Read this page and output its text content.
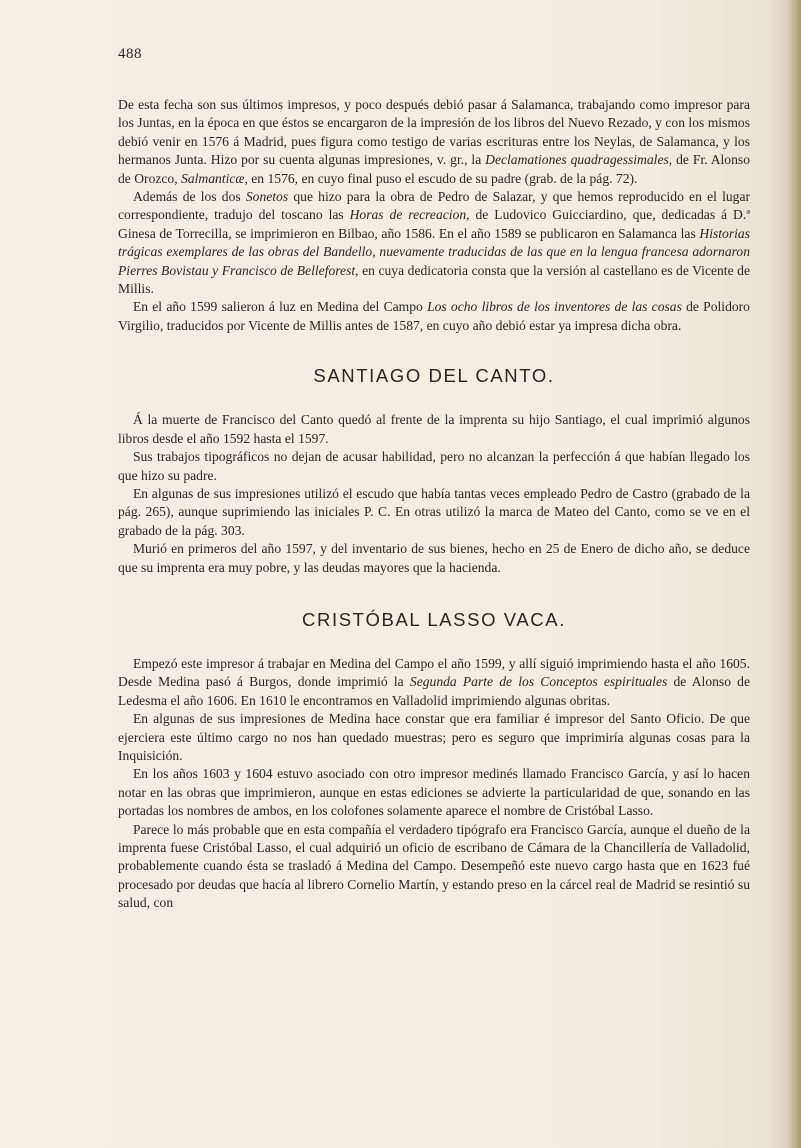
488

De esta fecha son sus últimos impresos, y poco después debió pasar á Salamanca, trabajando como impresor para los Juntas, en la época en que éstos se encargaron de la impresión de los libros del Nuevo Rezado, y con los mismos debió venir en 1576 á Madrid, pues figura como testigo de varias escrituras entre los Neylas, de Salamanca, y los hermanos Junta. Hizo por su cuenta algunas impresiones, v. gr., la Declamationes quadragessimales, de Fr. Alonso de Orozco, Salmanticæ, en 1576, en cuyo final puso el escudo de su padre (grab. de la pág. 72).

Además de los dos Sonetos que hizo para la obra de Pedro de Salazar, y que hemos reproducido en el lugar correspondiente, tradujo del toscano las Horas de recreacion, de Ludovico Guicciardino, que, dedicadas á D.ª Ginesa de Torrecilla, se imprimieron en Bilbao, año 1586. En el año 1589 se publicaron en Salamanca las Historias trágicas exemplares de las obras del Bandello, nuevamente traducidas de las que en la lengua francesa adornaron Pierres Bovistau y Francisco de Belleforest, en cuya dedicatoria consta que la versión al castellano es de Vicente de Millis.

En el año 1599 salieron á luz en Medina del Campo Los ocho libros de los inventores de las cosas de Polidoro Virgilio, traducidos por Vicente de Millis antes de 1587, en cuyo año debió estar ya impresa dicha obra.

SANTIAGO DEL CANTO.

Á la muerte de Francisco del Canto quedó al frente de la imprenta su hijo Santiago, el cual imprimió algunos libros desde el año 1592 hasta el 1597.

Sus trabajos tipográficos no dejan de acusar habilidad, pero no alcanzan la perfección á que habían llegado los que hizo su padre.

En algunas de sus impresiones utilizó el escudo que había tantas veces empleado Pedro de Castro (grabado de la pág. 265), aunque suprimiendo las iniciales P. C. En otras utilizó la marca de Mateo del Canto, como se ve en el grabado de la pág. 303.

Murió en primeros del año 1597, y del inventario de sus bienes, hecho en 25 de Enero de dicho año, se deduce que su imprenta era muy pobre, y las deudas mayores que la hacienda.

CRISTÓBAL LASSO VACA.

Empezó este impresor á trabajar en Medina del Campo el año 1599, y allí siguió imprimiendo hasta el año 1605. Desde Medina pasó á Burgos, donde imprimió la Segunda Parte de los Conceptos espirituales de Alonso de Ledesma el año 1606. En 1610 le encontramos en Valladolid imprimiendo algunas obritas.

En algunas de sus impresiones de Medina hace constar que era familiar é impresor del Santo Oficio. De que ejerciera este último cargo no nos han quedado muestras; pero es seguro que imprimiría algunas cosas para la Inquisición.

En los años 1603 y 1604 estuvo asociado con otro impresor medinés llamado Francisco García, y así lo hacen notar en las obras que imprimieron, aunque en estas ediciones se advierte la particularidad de que, sonando en las portadas los nombres de ambos, en los colofones solamente aparece el nombre de Cristóbal Lasso.

Parece lo más probable que en esta compañía el verdadero tipógrafo era Francisco García, aunque el dueño de la imprenta fuese Cristóbal Lasso, el cual adquirió un oficio de escribano de Cámara de la Chancillería de Valladolid, probablemente cuando ésta se trasladó á Medina del Campo. Desempeñó este nuevo cargo hasta que en 1623 fué procesado por deudas que hacía al librero Cornelio Martín, y estando preso en la cárcel real de Madrid se resintió su salud, con
